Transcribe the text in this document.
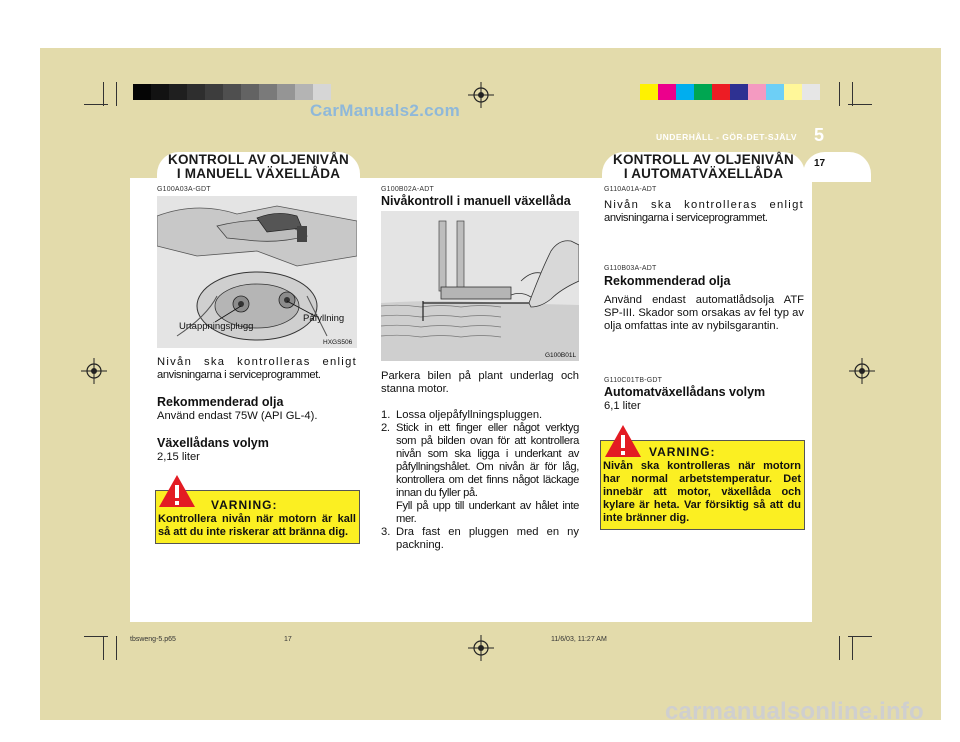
CarManuals2.com
UNDERHÅLL - GÖR-DET-SJÄLV 5
17
KONTROLL AV OLJENIVÅN
I MANUELL VÄXELLÅDA
KONTROLL AV OLJENIVÅN
I AUTOMATVÄXELLÅDA
G100A03A-GDT
Urtappningsplugg
Påfyllning
HXGS506
Nivån ska kontrolleras enligt
anvisningarna i serviceprogrammet.
Rekommenderad olja
Använd endast 75W (API GL-4).
Växellådans volym
2,15 liter
VARNING:
Kontrollera nivån när motorn är kall så att du inte riskerar att bränna dig.
G100B02A-ADT
Nivåkontroll i manuell växellåda
G100B01L
Parkera bilen på plant underlag och stanna motor.
1. Lossa oljepåfyllningspluggen.
2. Stick in ett finger eller något verktyg som på bilden ovan för att kontrollera nivån som ska ligga i underkant av påfyllningshålet. Om nivån är för låg, kontrollera om det finns något läckage innan du fyller på.
Fyll på upp till underkant av hålet inte mer.
3. Dra fast en pluggen med en ny packning.
G110A01A-ADT
Nivån ska kontrolleras enligt
anvisningarna i serviceprogrammet.
G110B03A-ADT
Rekommenderad olja
Använd endast automatlådsolja ATF SP-III. Skador som orsakas av fel typ av olja omfattas inte av nybilsgarantin.
G110C01TB-GDT
Automatväxellådans volym
6,1 liter
VARNING:
Nivån ska kontrolleras när motorn har normal arbetstemperatur. Det innebär att motor, växellåda och kylare är heta. Var försiktig så att du inte bränner dig.
tbsweng-5.p65	17	11/6/03, 11:27 AM
carmanualsonline.info
